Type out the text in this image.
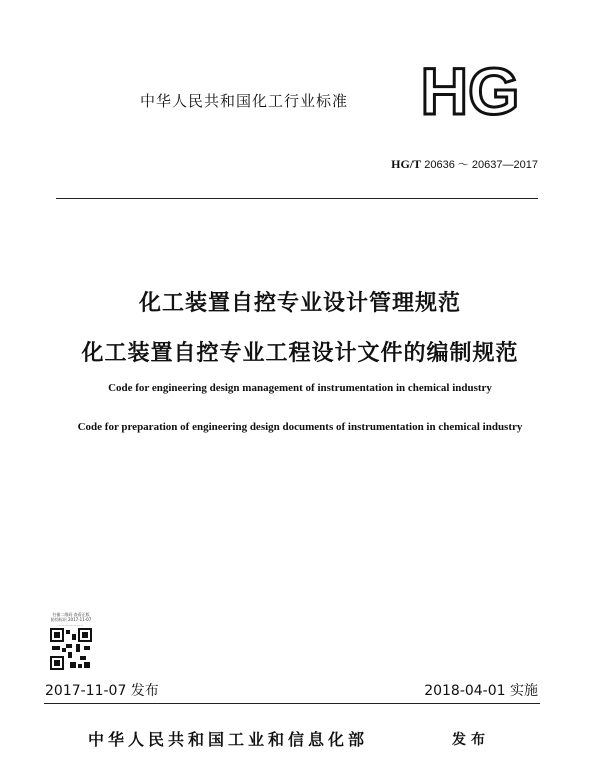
中华人民共和国化工行业标准 HG
HG/T 20636 ～ 20637—2017
化工装置自控专业设计管理规范
化工装置自控专业工程设计文件的编制规范
Code for engineering design management of instrumentation in chemical industry
Code for preparation of engineering design documents of instrumentation in chemical industry
扫描二维码 查看正版
防伪标识 2017-11-07
………………
2017-11-07 发布	2018-04-01 实施
中华人民共和国工业和信息化部	发布
